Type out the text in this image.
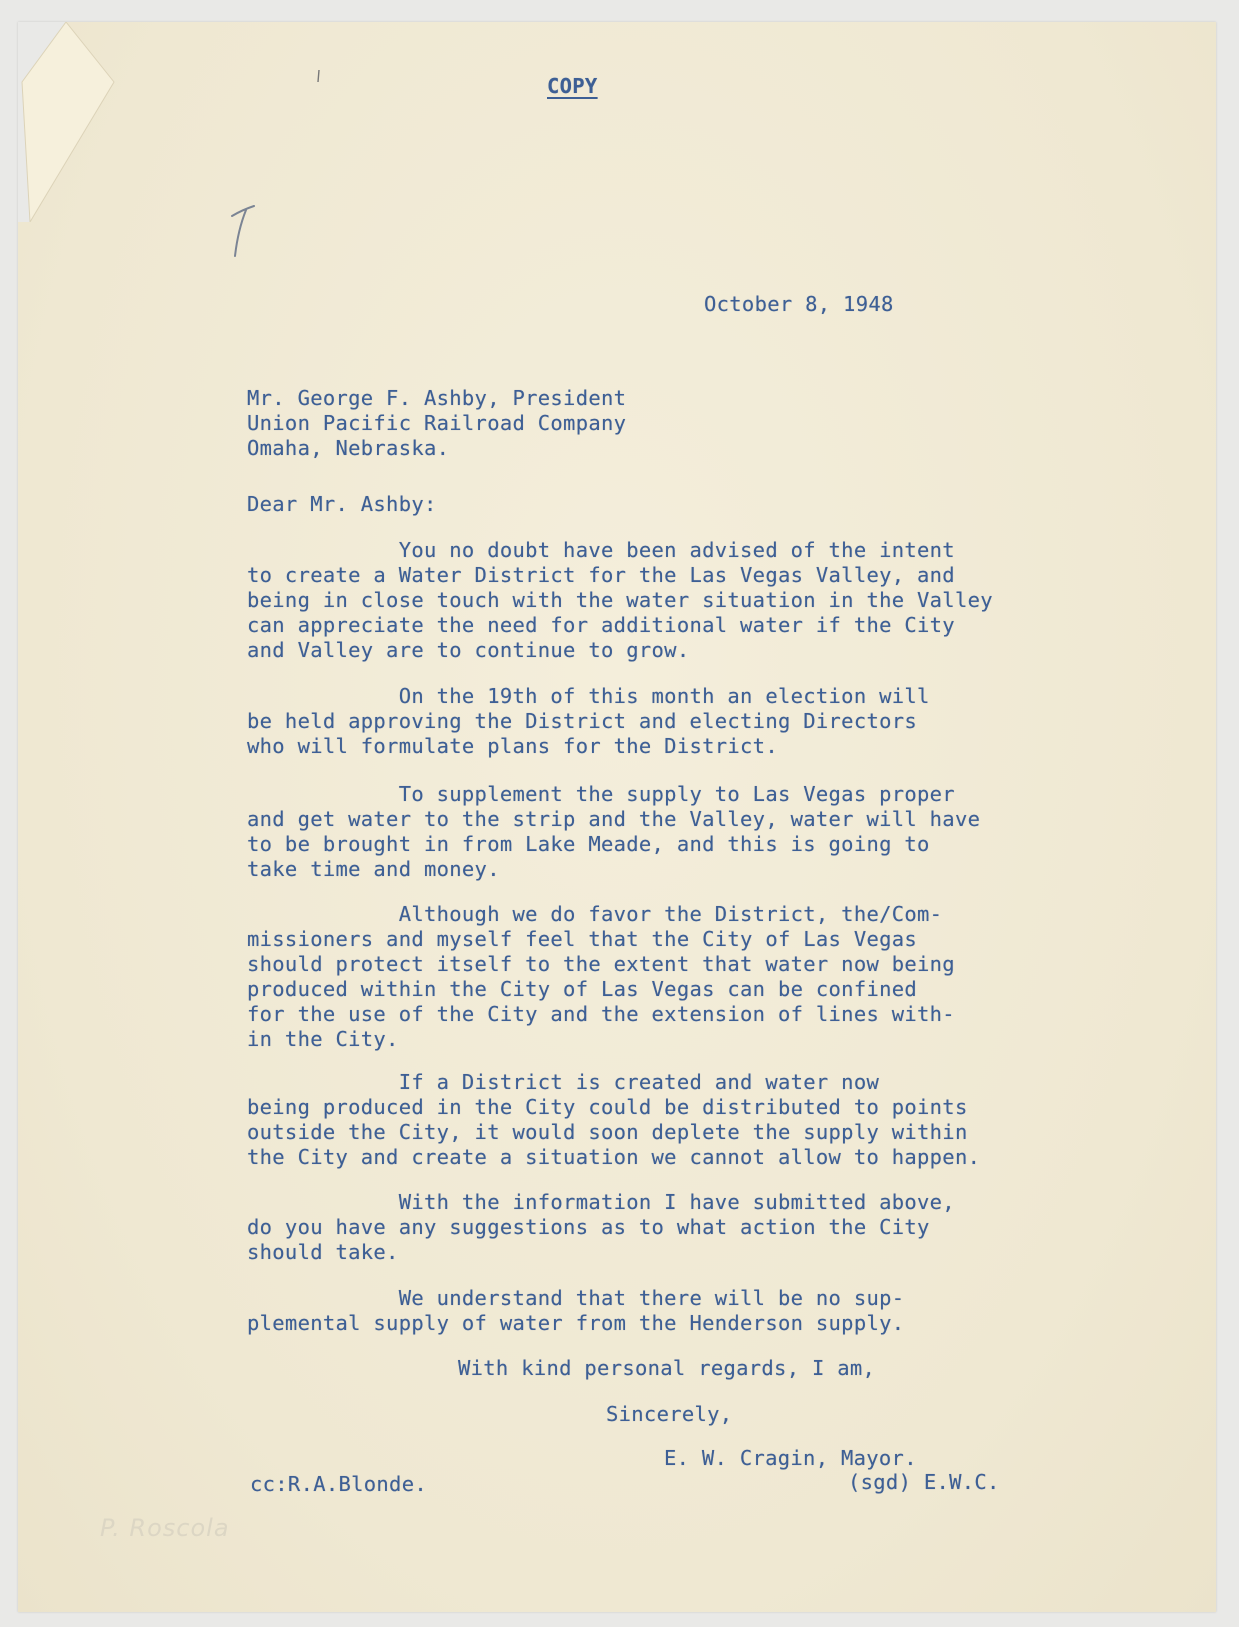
COPY
October 8, 1948
Mr. George F. Ashby, President
Union Pacific Railroad Company
Omaha, Nebraska.
Dear Mr. Ashby:
You no doubt have been advised of the intent
to create a Water District for the Las Vegas Valley, and
being in close touch with the water situation in the Valley
can appreciate the need for additional water if the City
and Valley are to continue to grow.
On the 19th of this month an election will
be held approving the District and electing Directors
who will formulate plans for the District.
To supplement the supply to Las Vegas proper
and get water to the strip and the Valley, water will have
to be brought in from Lake Meade, and this is going to
take time and money.
Although we do favor the District, the/Com-
missioners and myself feel that the City of Las Vegas
should protect itself to the extent that water now being
produced within the City of Las Vegas can be confined
for the use of the City and the extension of lines with-
in the City.
If a District is created and water now
being produced in the City could be distributed to points
outside the City, it would soon deplete the supply within
the City and create a situation we cannot allow to happen.
With the information I have submitted above,
do you have any suggestions as to what action the City
should take.
We understand that there will be no sup-
plemental supply of water from the Henderson supply.
With kind personal regards, I am,
Sincerely,
E. W. Cragin, Mayor.
cc:R.A.Blonde.	(sgd) E.W.C.
P. Roscola
